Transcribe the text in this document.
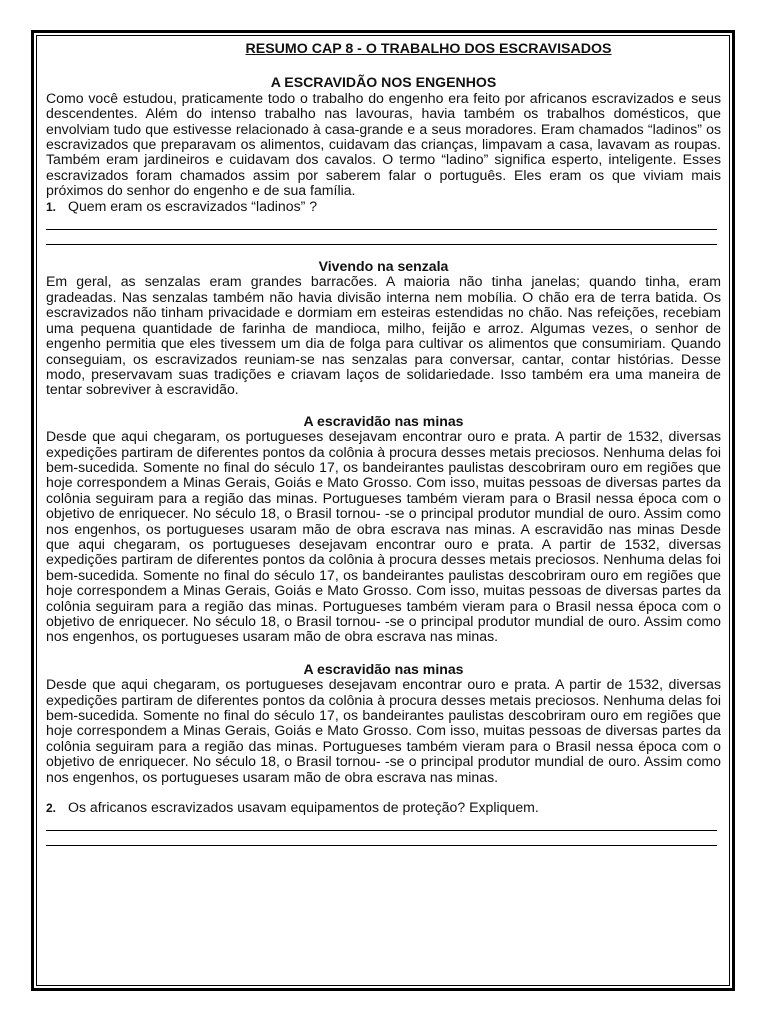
RESUMO CAP 8 - O TRABALHO DOS ESCRAVISADOS
A ESCRAVIDÃO NOS ENGENHOS

Como você estudou, praticamente todo o trabalho do engenho era feito por africanos escravizados e seus descendentes. Além do intenso trabalho nas lavouras, havia também os trabalhos domésticos, que envolviam tudo que estivesse relacionado à casa-grande e a seus moradores. Eram chamados “ladinos” os escravizados que preparavam os alimentos, cuidavam das crianças, limpavam a casa, lavavam as roupas. Também eram jardineiros e cuidavam dos cavalos. O termo “ladino” significa esperto, inteligente. Esses escravizados foram chamados assim por saberem falar o português. Eles eram os que viviam mais próximos do senhor do engenho e de sua família.

1. Quem eram os escravizados “ladinos” ?
Vivendo na senzala

Em geral, as senzalas eram grandes barracões. A maioria não tinha janelas; quando tinha, eram gradeadas. Nas senzalas também não havia divisão interna nem mobília. O chão era de terra batida. Os escravizados não tinham privacidade e dormiam em esteiras estendidas no chão. Nas refeições, recebiam uma pequena quantidade de farinha de mandioca, milho, feijão e arroz. Algumas vezes, o senhor de engenho permitia que eles tivessem um dia de folga para cultivar os alimentos que consumiriam. Quando conseguiam, os escravizados reuniam-se nas senzalas para conversar, cantar, contar histórias. Desse modo, preservavam suas tradições e criavam laços de solidariedade. Isso também era uma maneira de tentar sobreviver à escravidão.

A escravidão nas minas

Desde que aqui chegaram, os portugueses desejavam encontrar ouro e prata. A partir de 1532, diversas expedições partiram de diferentes pontos da colônia à procura desses metais preciosos. Nenhuma delas foi bem-sucedida. Somente no final do século 17, os bandeirantes paulistas descobriram ouro em regiões que hoje correspondem a Minas Gerais, Goiás e Mato Grosso. Com isso, muitas pessoas de diversas partes da colônia seguiram para a região das minas. Portugueses também vieram para o Brasil nessa época com o objetivo de enriquecer. No século 18, o Brasil tornou- -se o principal produtor mundial de ouro. Assim como nos engenhos, os portugueses usaram mão de obra escrava nas minas. A escravidão nas minas Desde que aqui chegaram, os portugueses desejavam encontrar ouro e prata. A partir de 1532, diversas expedições partiram de diferentes pontos da colônia à procura desses metais preciosos. Nenhuma delas foi bem-sucedida. Somente no final do século 17, os bandeirantes paulistas descobriram ouro em regiões que hoje correspondem a Minas Gerais, Goiás e Mato Grosso. Com isso, muitas pessoas de diversas partes da colônia seguiram para a região das minas. Portugueses também vieram para o Brasil nessa época com o objetivo de enriquecer. No século 18, o Brasil tornou- -se o principal produtor mundial de ouro. Assim como nos engenhos, os portugueses usaram mão de obra escrava nas minas.

A escravidão nas minas

Desde que aqui chegaram, os portugueses desejavam encontrar ouro e prata. A partir de 1532, diversas expedições partiram de diferentes pontos da colônia à procura desses metais preciosos. Nenhuma delas foi bem-sucedida. Somente no final do século 17, os bandeirantes paulistas descobriram ouro em regiões que hoje correspondem a Minas Gerais, Goiás e Mato Grosso. Com isso, muitas pessoas de diversas partes da colônia seguiram para a região das minas. Portugueses também vieram para o Brasil nessa época com o objetivo de enriquecer. No século 18, o Brasil tornou- -se o principal produtor mundial de ouro. Assim como nos engenhos, os portugueses usaram mão de obra escrava nas minas.

2. Os africanos escravizados usavam equipamentos de proteção? Expliquem.
